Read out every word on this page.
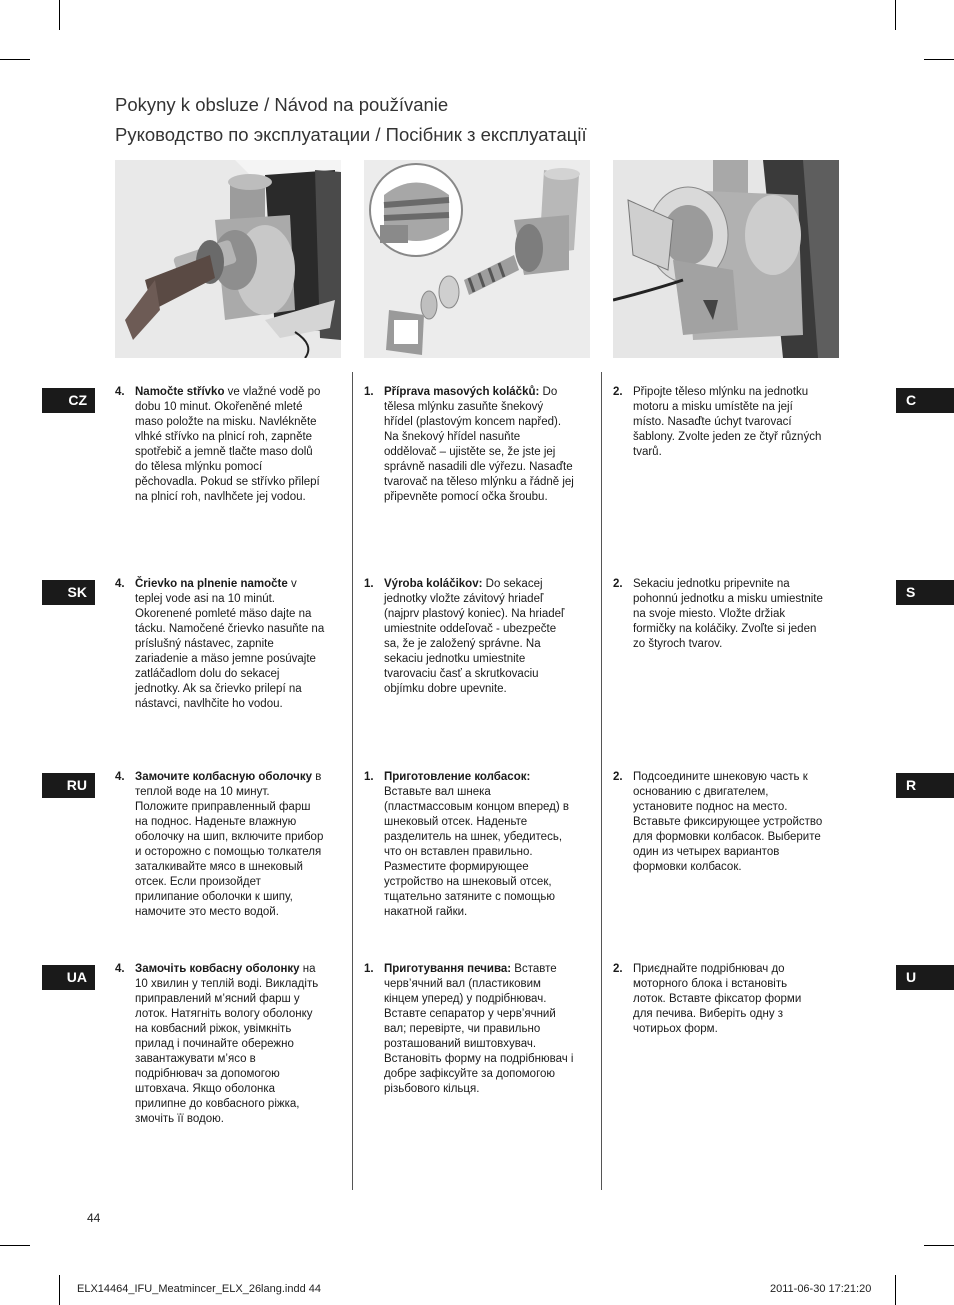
Pokyny k obsluze / Návod na používanie
Руководство по эксплуатации / Посібник з експлуатації
CZ	C
4. Namočte střívko ve vlažné vodě po dobu 10 minut. Okořeněné mleté maso položte na misku. Navlékněte vlhké střívko na plnicí roh, zapněte spotřebič a jemně tlačte maso dolů do tělesa mlýnku pomocí pěchovadla. Pokud se střívko přilepí na plnicí roh, navlhčete jej vodou.
1. Příprava masových koláčků: Do tělesa mlýnku zasuňte šnekový hřídel (plastovým koncem napřed). Na šnekový hřídel nasuňte oddělovač – ujistěte se, že jste jej správně nasadili dle výřezu. Nasaďte tvarovač na těleso mlýnku a řádně jej připevněte pomocí očka šroubu.
2. Připojte těleso mlýnku na jednotku motoru a misku umístěte na její místo. Nasaďte úchyt tvarovací šablony. Zvolte jeden ze čtyř různých tvarů.
SK	S
4. Črievko na plnenie namočte v teplej vode asi na 10 minút. Okorenené pomleté mäso dajte na tácku. Namočené črievko nasuňte na príslušný nástavec, zapnite zariadenie a mäso jemne posúvajte zatláčadlom dolu do sekacej jednotky. Ak sa črievko prilepí na nástavci, navlhčite ho vodou.
1. Výroba koláčikov: Do sekacej jednotky vložte závitový hriadeľ (najprv plastový koniec). Na hriadeľ umiestnite oddeľovač - ubezpečte sa, že je založený správne. Na sekaciu jednotku umiestnite tvarovaciu časť a skrutkovaciu objímku dobre upevnite.
2. Sekaciu jednotku pripevnite na pohonnú jednotku a misku umiestnite na svoje miesto. Vložte držiak formičky na koláčiky. Zvoľte si jeden zo štyroch tvarov.
RU	R
4. Замочите колбасную оболочку в теплой воде на 10 минут. Положите приправленный фарш на поднос. Наденьте влажную оболочку на шип, включите прибор и осторожно с помощью толкателя заталкивайте мясо в шнековый отсек. Если произойдет прилипание оболочки к шипу, намочите это место водой.
1. Приготовление колбасок: Вставьте вал шнека (пластмассовым концом вперед) в шнековый отсек. Наденьте разделитель на шнек, убедитесь, что он вставлен правильно. Разместите формирующее устройство на шнековый отсек, тщательно затяните с помощью накатной гайки.
2. Подсоедините шнековую часть к основанию с двигателем, установите поднос на место. Вставьте фиксирующее устройство для формовки колбасок. Выберите один из четырех вариантов формовки колбасок.
UA	U
4. Замочіть ковбасну оболонку на 10 хвилин у теплій воді. Викладіть приправлений м’ясний фарш у лоток. Натягніть вологу оболонку на ковбасний ріжок, увімкніть прилад і починайте обережно завантажувати м’ясо в подрібнювач за допомогою штовхача. Якщо оболонка прилипне до ковбасного ріжка, змочіть її водою.
1. Приготування печива: Вставте черв’ячний вал (пластиковим кінцем уперед) у подрібнювач. Вставте сепаратор у черв’ячний вал; перевірте, чи правильно розташований виштовхувач. Встановіть форму на подрібнювач і добре зафіксуйте за допомогою різьбового кільця.
2. Приєднайте подрібнювач до моторного блока і встановіть лоток. Вставте фіксатор форми для печива. Виберіть одну з чотирьох форм.
44
ELX14464_IFU_Meatmincer_ELX_26lang.indd 44	2011-06-30 17:21:20
